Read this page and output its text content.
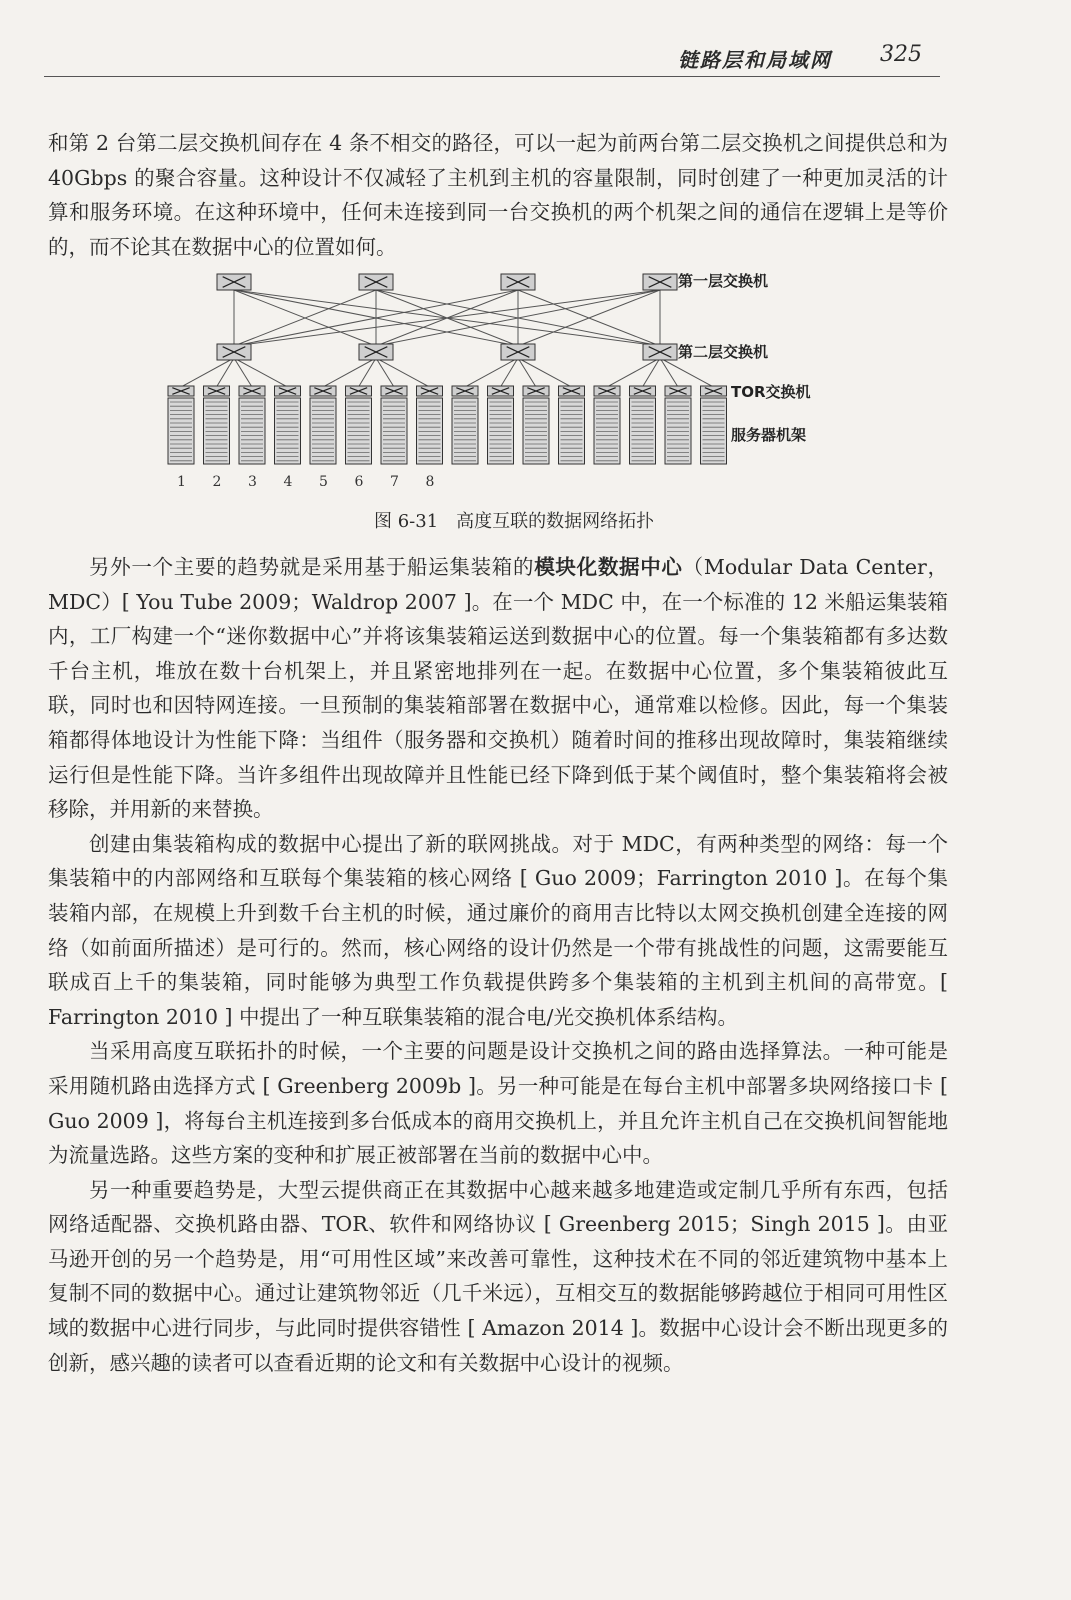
链路层和局域网 325

和第 2 台第二层交换机间存在 4 条不相交的路径，可以一起为前两台第二层交换机之间提供总和为 40Gbps 的聚合容量。这种设计不仅减轻了主机到主机的容量限制，同时创建了一种更加灵活的计算和服务环境。在这种环境中，任何未连接到同一台交换机的两个机架之间的通信在逻辑上是等价的，而不论其在数据中心的位置如何。

第一层交换机
第二层交换机
TOR交换机
服务器机架
1 2 3 4 5 6 7 8
图 6-31　高度互联的数据网络拓扑

另外一个主要的趋势就是采用基于船运集装箱的模块化数据中心（Modular Data Center，MDC）[ You Tube 2009；Waldrop 2007 ]。在一个 MDC 中，在一个标准的 12 米船运集装箱内，工厂构建一个“迷你数据中心”并将该集装箱运送到数据中心的位置。每一个集装箱都有多达数千台主机，堆放在数十台机架上，并且紧密地排列在一起。在数据中心位置，多个集装箱彼此互联，同时也和因特网连接。一旦预制的集装箱部署在数据中心，通常难以检修。因此，每一个集装箱都得体地设计为性能下降：当组件（服务器和交换机）随着时间的推移出现故障时，集装箱继续运行但是性能下降。当许多组件出现故障并且性能已经下降到低于某个阈值时，整个集装箱将会被移除，并用新的来替换。

创建由集装箱构成的数据中心提出了新的联网挑战。对于 MDC，有两种类型的网络：每一个集装箱中的内部网络和互联每个集装箱的核心网络 [ Guo 2009；Farrington 2010 ]。在每个集装箱内部，在规模上升到数千台主机的时候，通过廉价的商用吉比特以太网交换机创建全连接的网络（如前面所描述）是可行的。然而，核心网络的设计仍然是一个带有挑战性的问题，这需要能互联成百上千的集装箱，同时能够为典型工作负载提供跨多个集装箱的主机到主机间的高带宽。[ Farrington 2010 ] 中提出了一种互联集装箱的混合电/光交换机体系结构。

当采用高度互联拓扑的时候，一个主要的问题是设计交换机之间的路由选择算法。一种可能是采用随机路由选择方式 [ Greenberg 2009b ]。另一种可能是在每台主机中部署多块网络接口卡 [ Guo 2009 ]，将每台主机连接到多台低成本的商用交换机上，并且允许主机自己在交换机间智能地为流量选路。这些方案的变种和扩展正被部署在当前的数据中心中。

另一种重要趋势是，大型云提供商正在其数据中心越来越多地建造或定制几乎所有东西，包括网络适配器、交换机路由器、TOR、软件和网络协议 [ Greenberg 2015；Singh 2015 ]。由亚马逊开创的另一个趋势是，用“可用性区域”来改善可靠性，这种技术在不同的邻近建筑物中基本上复制不同的数据中心。通过让建筑物邻近（几千米远），互相交互的数据能够跨越位于相同可用性区域的数据中心进行同步，与此同时提供容错性 [ Amazon 2014 ]。数据中心设计会不断出现更多的创新，感兴趣的读者可以查看近期的论文和有关数据中心设计的视频。
